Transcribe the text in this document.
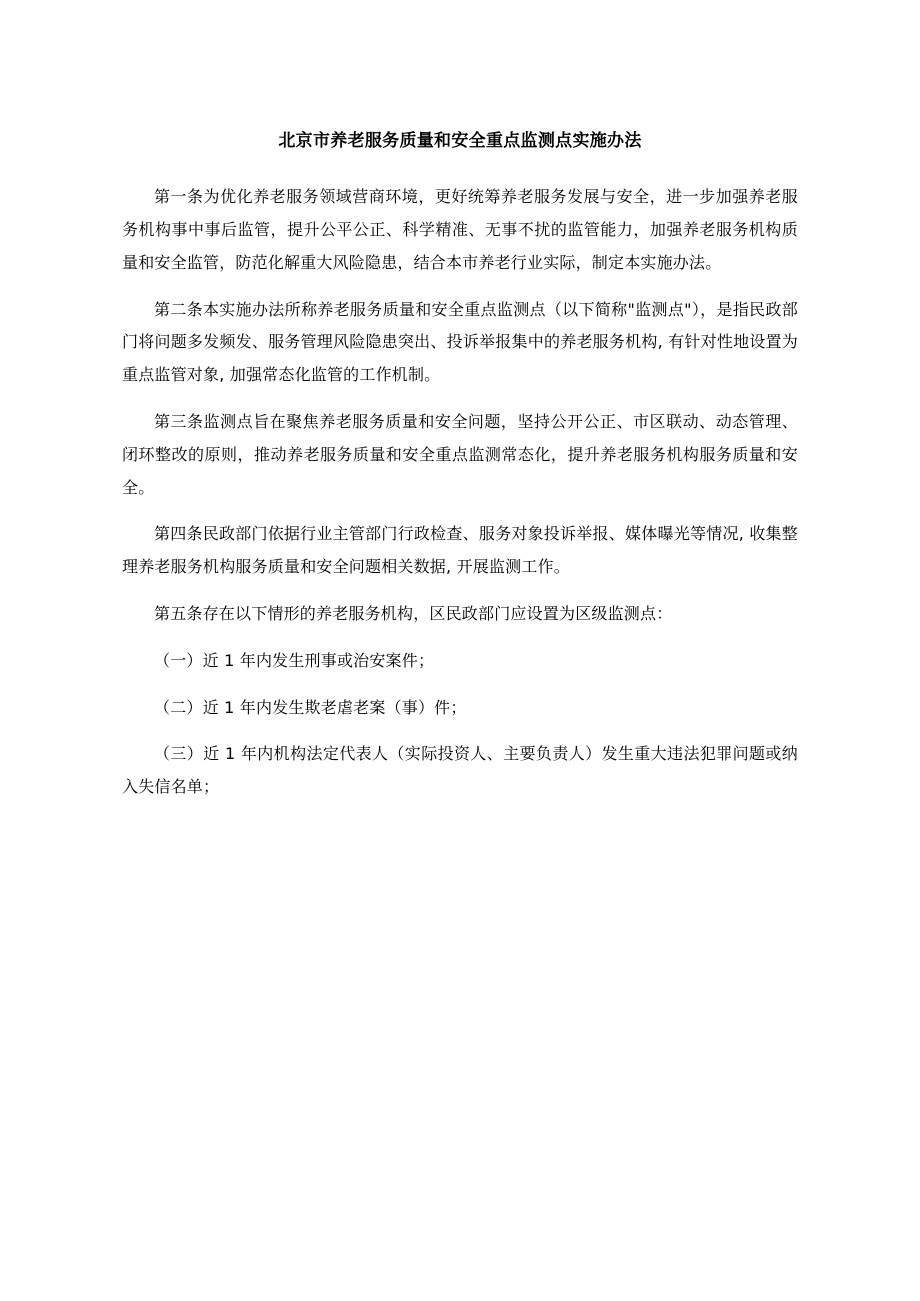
北京市养老服务质量和安全重点监测点实施办法

第一条为优化养老服务领域营商环境，更好统筹养老服务发展与安全，进一步加强养老服务机构事中事后监管，提升公平公正、科学精准、无事不扰的监管能力，加强养老服务机构质量和安全监管，防范化解重大风险隐患，结合本市养老行业实际，制定本实施办法。

第二条本实施办法所称养老服务质量和安全重点监测点（以下简称"监测点"），是指民政部门将问题多发频发、服务管理风险隐患突出、投诉举报集中的养老服务机构, 有针对性地设置为重点监管对象, 加强常态化监管的工作机制。

第三条监测点旨在聚焦养老服务质量和安全问题，坚持公开公正、市区联动、动态管理、闭环整改的原则，推动养老服务质量和安全重点监测常态化，提升养老服务机构服务质量和安全。

第四条民政部门依据行业主管部门行政检查、服务对象投诉举报、媒体曝光等情况, 收集整理养老服务机构服务质量和安全问题相关数据, 开展监测工作。

第五条存在以下情形的养老服务机构，区民政部门应设置为区级监测点：

（一）近 1 年内发生刑事或治安案件；

（二）近 1 年内发生欺老虐老案（事）件；

（三）近 1 年内机构法定代表人（实际投资人、主要负责人）发生重大违法犯罪问题或纳入失信名单；
